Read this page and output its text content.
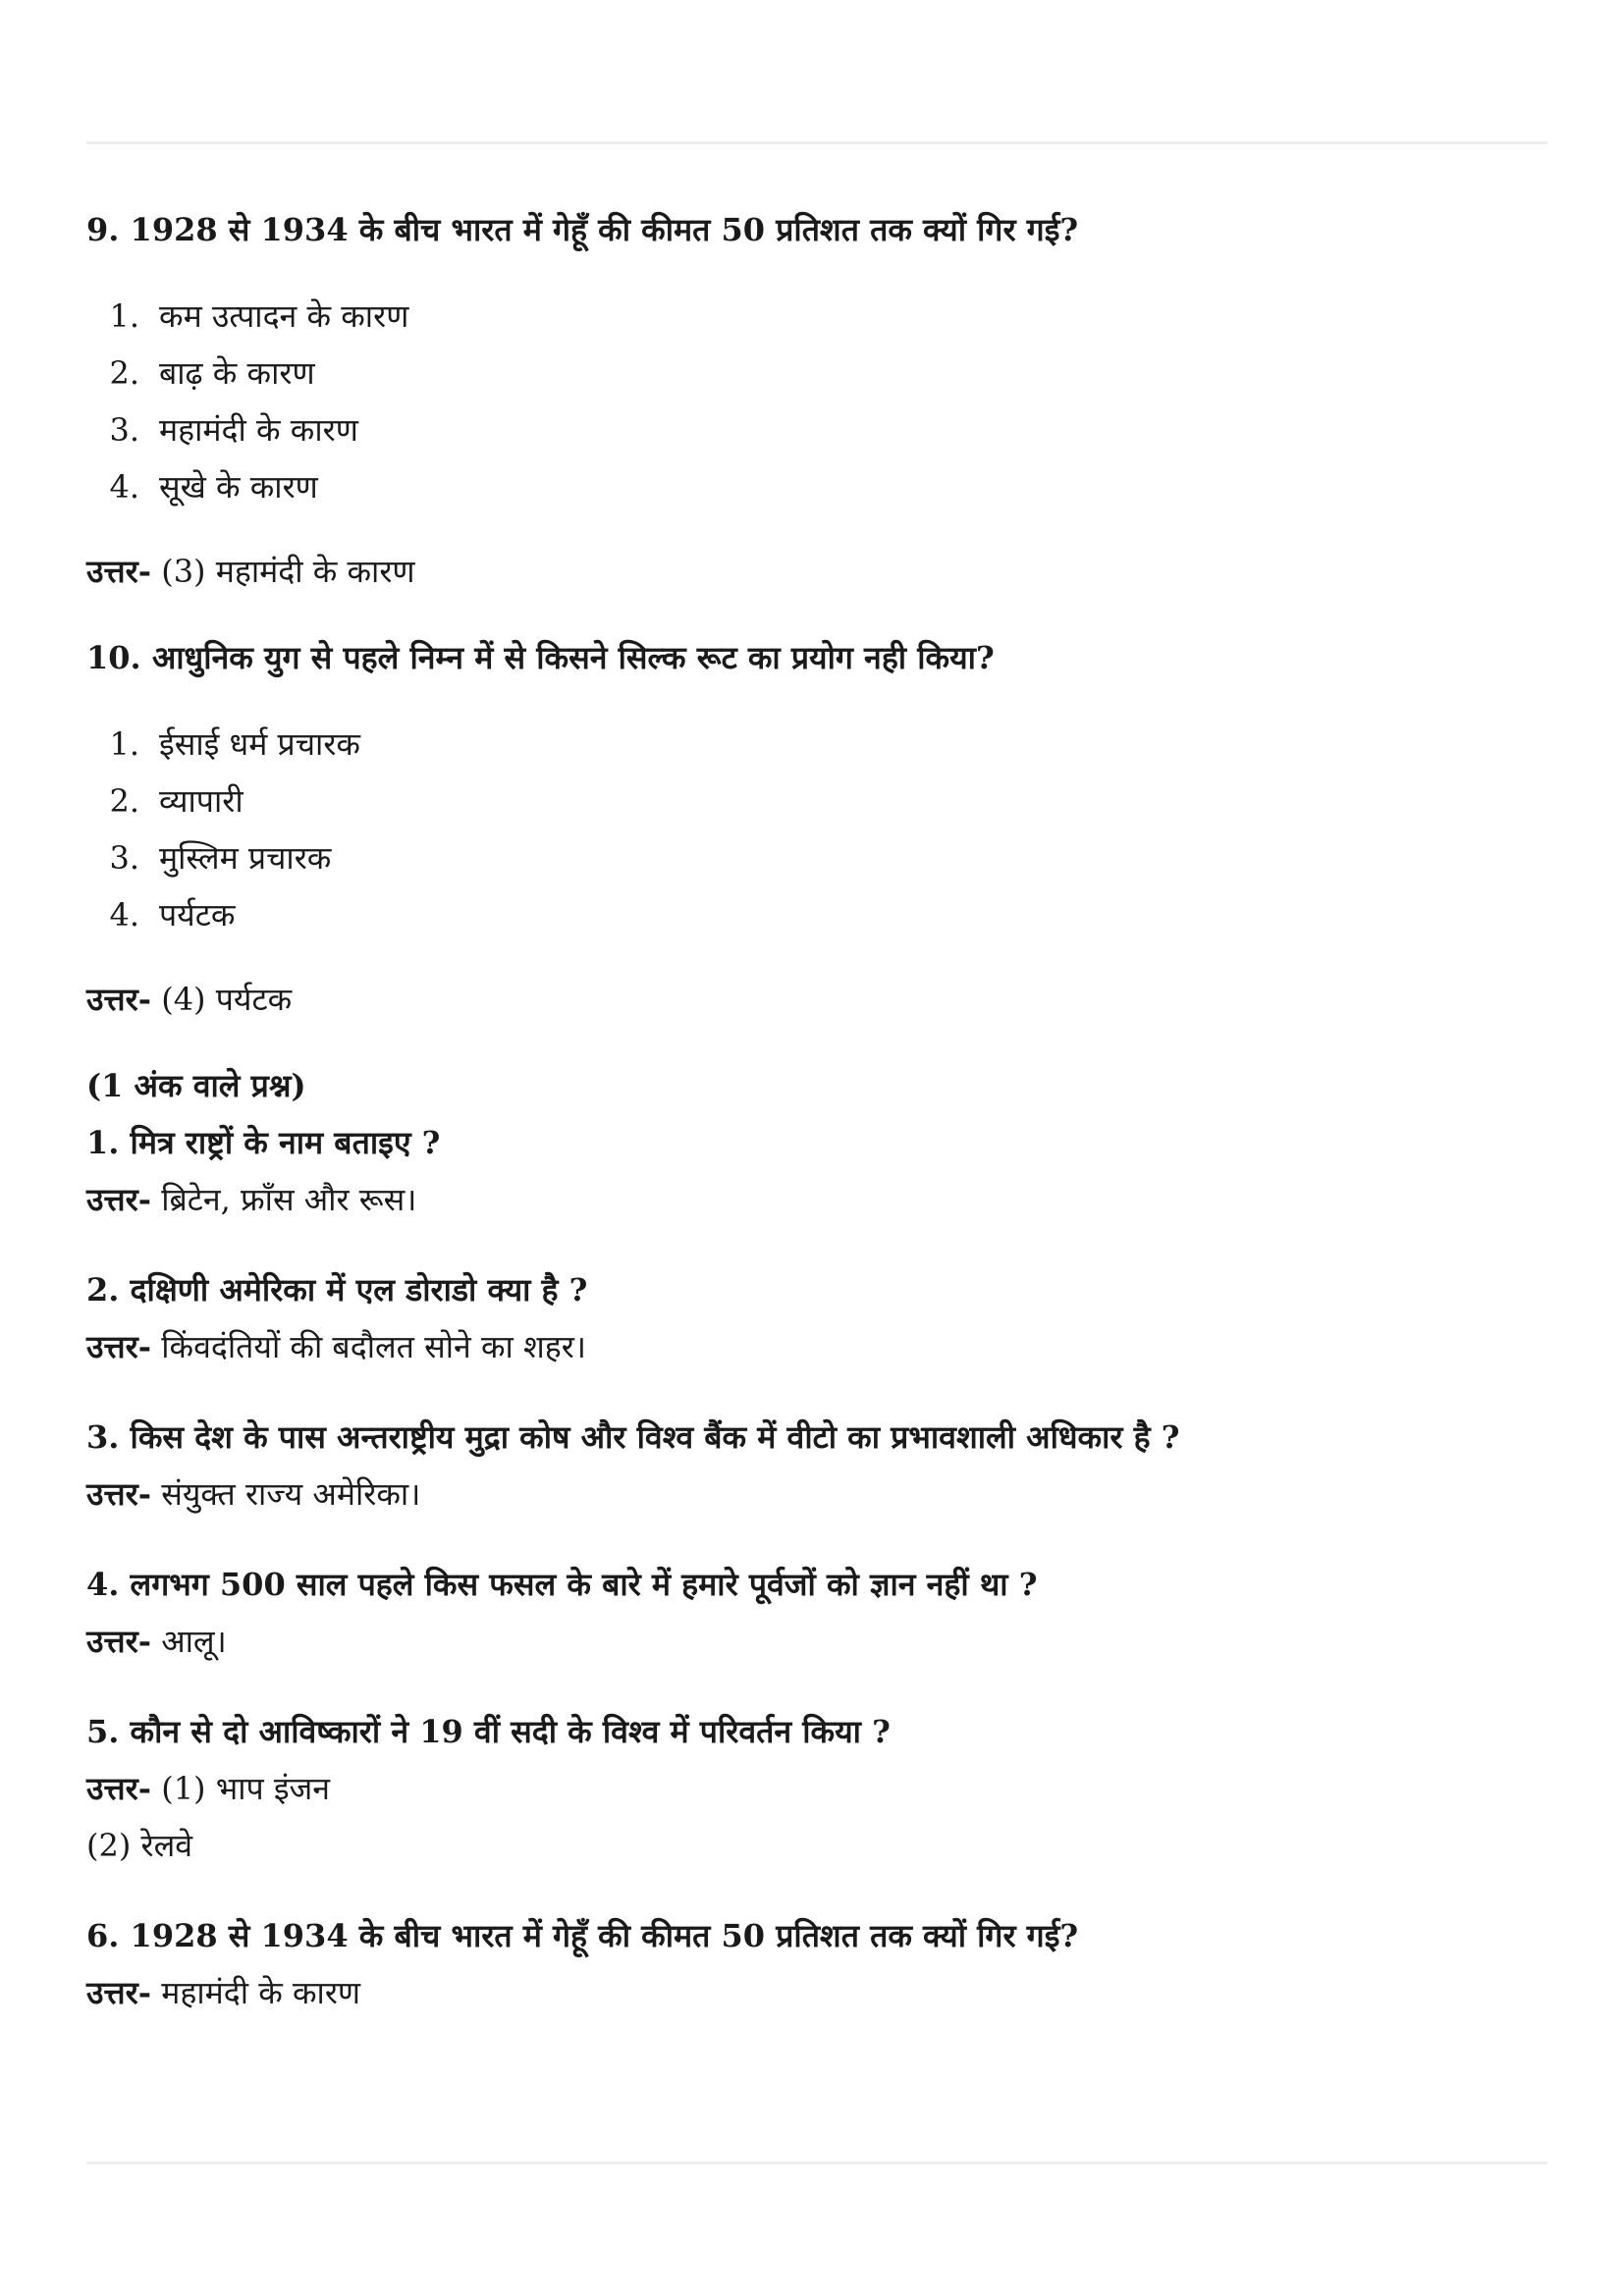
9. 1928 से 1934 के बीच भारत में गेहूँ की कीमत 50 प्रतिशत तक क्यों गिर गई?
1. कम उत्पादन के कारण
2. बाढ़ के कारण
3. महामंदी के कारण
4. सूखे के कारण
उत्तर- (3) महामंदी के कारण
10. आधुनिक युग से पहले निम्न में से किसने सिल्क रूट का प्रयोग नही किया?
1. ईसाई धर्म प्रचारक
2. व्यापारी
3. मुस्लिम प्रचारक
4. पर्यटक
उत्तर- (4) पर्यटक
(1 अंक वाले प्रश्न)
1. मित्र राष्ट्रों के नाम बताइए ?
उत्तर- ब्रिटेन, फ्राँस और रूस।
2. दक्षिणी अमेरिका में एल डोराडो क्या है ?
उत्तर- किंवदंतियों की बदौलत सोने का शहर।
3. किस देश के पास अन्तराष्ट्रीय मुद्रा कोष और विश्व बैंक में वीटो का प्रभावशाली अधिकार है ?
उत्तर- संयुक्त राज्य अमेरिका।
4. लगभग 500 साल पहले किस फसल के बारे में हमारे पूर्वजों को ज्ञान नहीं था ?
उत्तर- आलू।
5. कौन से दो आविष्कारों ने 19 वीं सदी के विश्व में परिवर्तन किया ?
उत्तर- (1) भाप इंजन
(2) रेलवे
6. 1928 से 1934 के बीच भारत में गेहूँ की कीमत 50 प्रतिशत तक क्यों गिर गई?
उत्तर- महामंदी के कारण
